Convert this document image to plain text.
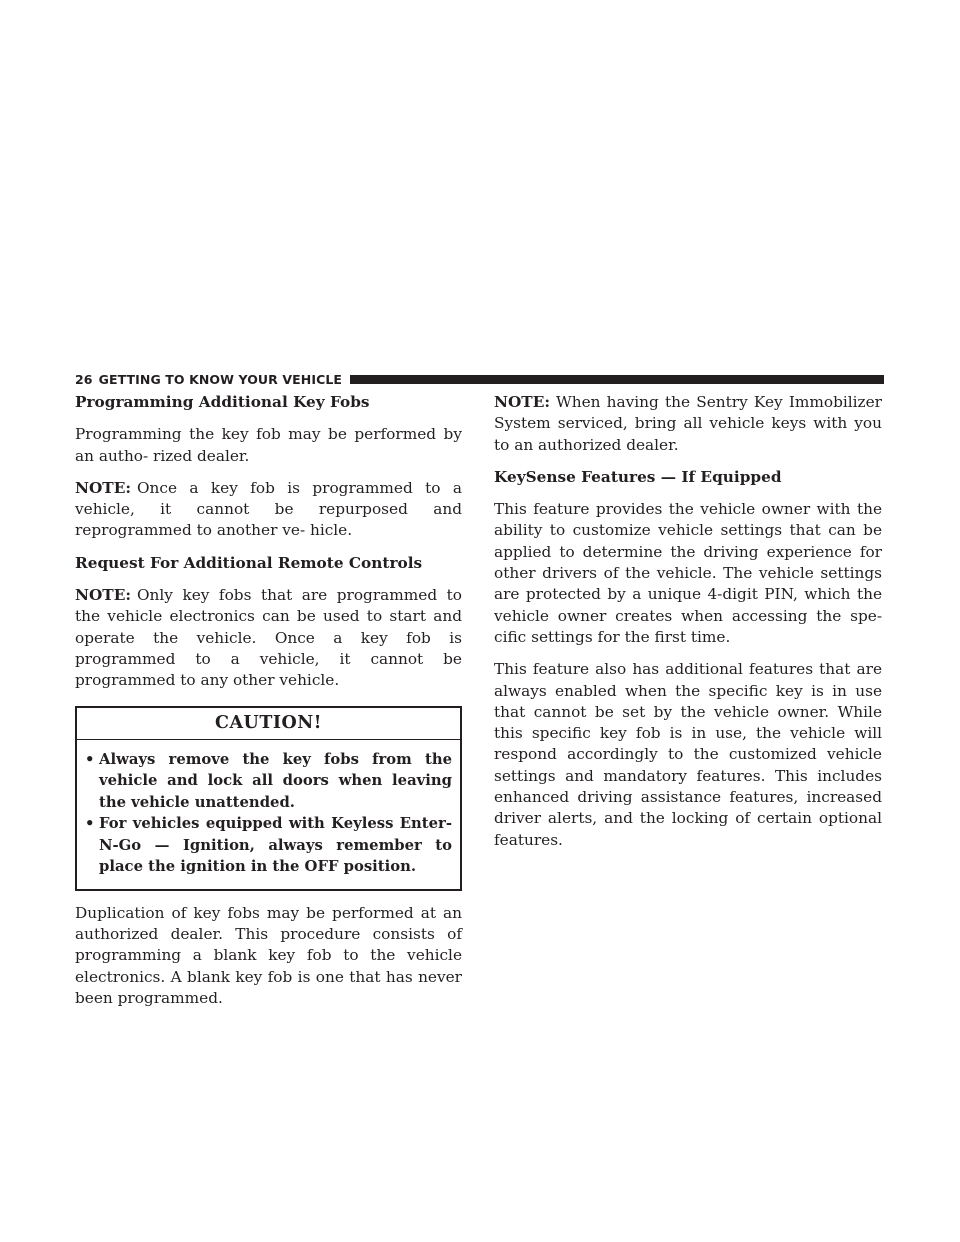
26 GETTING TO KNOW YOUR VEHICLE
Programming Additional Key Fobs
Programming the key fob may be performed by an autho- rized dealer.
NOTE: Once a key fob is programmed to a vehicle, it cannot be repurposed and reprogrammed to another ve- hicle.
Request For Additional Remote Controls
NOTE: Only key fobs that are programmed to the vehicle electronics can be used to start and operate the vehicle. Once a key fob is programmed to a vehicle, it cannot be programmed to any other vehicle.
CAUTION!
• Always remove the key fobs from the vehicle and lock all doors when leaving the vehicle unattended.
• For vehicles equipped with Keyless Enter-N-Go — Ignition, always remember to place the ignition in the OFF position.
Duplication of key fobs may be performed at an authorized dealer. This procedure consists of programming a blank key fob to the vehicle electronics. A blank key fob is one that has never been programmed.
NOTE: When having the Sentry Key Immobilizer System serviced, bring all vehicle keys with you to an authorized dealer.
KeySense Features — If Equipped
This feature provides the vehicle owner with the ability to customize vehicle settings that can be applied to determine the driving experience for other drivers of the vehicle. The vehicle settings are protected by a unique 4-digit PIN, which the vehicle owner creates when accessing the spe- cific settings for the first time.
This feature also has additional features that are always enabled when the specific key is in use that cannot be set by the vehicle owner. While this specific key fob is in use, the vehicle will respond accordingly to the customized vehicle settings and mandatory features. This includes enhanced driving assistance features, increased driver alerts, and the locking of certain optional features.
